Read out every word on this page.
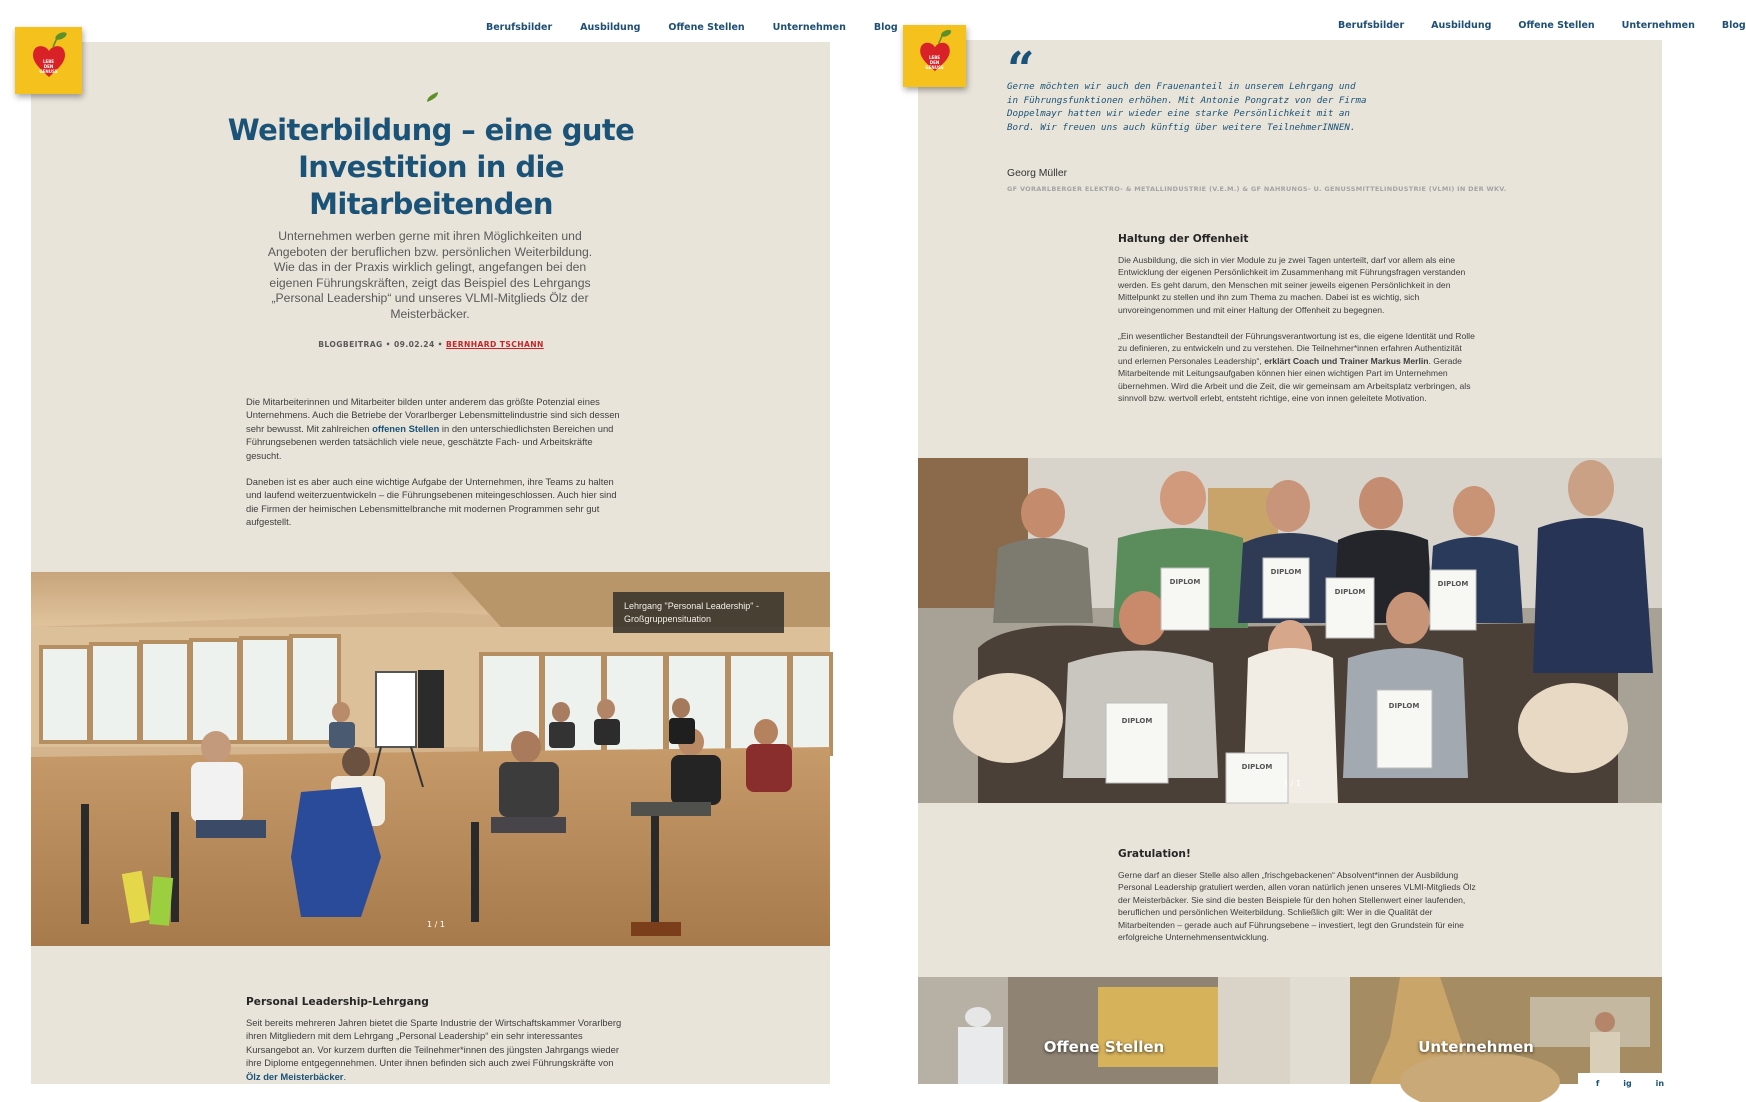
Berufsbilder	Ausbildung	Offene Stellen	Unternehmen	Blog
Weiterbildung – eine gute Investition in die Mitarbeitenden

Unternehmen werben gerne mit ihren Möglichkeiten und Angeboten der beruflichen bzw. persönlichen Weiterbildung. Wie das in der Praxis wirklich gelingt, angefangen bei den eigenen Führungskräften, zeigt das Beispiel des Lehrgangs „Personal Leadership“ und unseres VLMI-Mitglieds Ölz der Meisterbäcker.

BLOGBEITRAG • 09.02.24 • BERNHARD TSCHANN

Die Mitarbeiterinnen und Mitarbeiter bilden unter anderem das größte Potenzial eines Unternehmens. Auch die Betriebe der Vorarlberger Lebensmittelindustrie sind sich dessen sehr bewusst. Mit zahlreichen offenen Stellen in den unterschiedlichsten Bereichen und Führungsebenen werden tatsächlich viele neue, geschätzte Fach- und Arbeitskräfte gesucht.

Daneben ist es aber auch eine wichtige Aufgabe der Unternehmen, ihre Teams zu halten und laufend weiterzuentwickeln – die Führungsebenen miteingeschlossen. Auch hier sind die Firmen der heimischen Lebensmittelbranche mit modernen Programmen sehr gut aufgestellt.

Lehrgang "Personal Leadership" - Großgruppensituation
1 / 1
Personal Leadership-Lehrgang

Seit bereits mehreren Jahren bietet die Sparte Industrie der Wirtschaftskammer Vorarlberg ihren Mitgliedern mit dem Lehrgang „Personal Leadership“ ein sehr interessantes Kursangebot an. Vor kurzem durften die Teilnehmer*innen des jüngsten Jahrgangs wieder ihre Diplome entgegennehmen. Unter ihnen befinden sich auch zwei Führungskräfte von Ölz der Meisterbäcker.

LEBE
DEN
GENUSS
Berufsbilder	Ausbildung	Offene Stellen	Unternehmen	Blog
“

Gerne möchten wir auch den Frauenanteil in unserem Lehrgang und in Führungsfunktionen erhöhen. Mit Antonie Pongratz von der Firma Doppelmayr hatten wir wieder eine starke Persönlichkeit mit an Bord. Wir freuen uns auch künftig über weitere TeilnehmerINNEN.

Georg Müller
GF VORARLBERGER ELEKTRO- & METALLINDUSTRIE (V.E.M.) & GF NAHRUNGS- U. GENUSSMITTELINDUSTRIE (VLMI) IN DER WKV.
Haltung der Offenheit

Die Ausbildung, die sich in vier Module zu je zwei Tagen unterteilt, darf vor allem als eine Entwicklung der eigenen Persönlichkeit im Zusammenhang mit Führungsfragen verstanden werden. Es geht darum, den Menschen mit seiner jeweils eigenen Persönlichkeit in den Mittelpunkt zu stellen und ihn zum Thema zu machen. Dabei ist es wichtig, sich unvoreingenommen und mit einer Haltung der Offenheit zu begegnen.

„Ein wesentlicher Bestandteil der Führungsverantwortung ist es, die eigene Identität und Rolle zu definieren, zu entwickeln und zu verstehen. Die Teilnehmer*innen erfahren Authentizität und erlernen Personales Leadership“, erklärt Coach und Trainer Markus Merlin. Gerade Mitarbeitende mit Leitungsaufgaben können hier einen wichtigen Part im Unternehmen übernehmen. Wird die Arbeit und die Zeit, die wir gemeinsam am Arbeitsplatz verbringen, als sinnvoll bzw. wertvoll erlebt, entsteht richtige, eine von innen geleitete Motivation.

DIPLOM
DIPLOM
DIPLOM
DIPLOM
DIPLOM
DIPLOM
DIPLOM
1 / 1
Gratulation!

Gerne darf an dieser Stelle also allen „frischgebackenen“ Absolvent*innen der Ausbildung Personal Leadership gratuliert werden, allen voran natürlich jenen unseres VLMI-Mitglieds Ölz der Meisterbäcker. Sie sind die besten Beispiele für den hohen Stellenwert einer laufenden, beruflichen und persönlichen Weiterbildung. Schließlich gilt: Wer in die Qualität der Mitarbeitenden – gerade auch auf Führungsebene – investiert, legt den Grundstein für eine erfolgreiche Unternehmensentwicklung.

Offene Stellen	Unternehmen
LEBE
DEN
GENUSS
f	ig	in
